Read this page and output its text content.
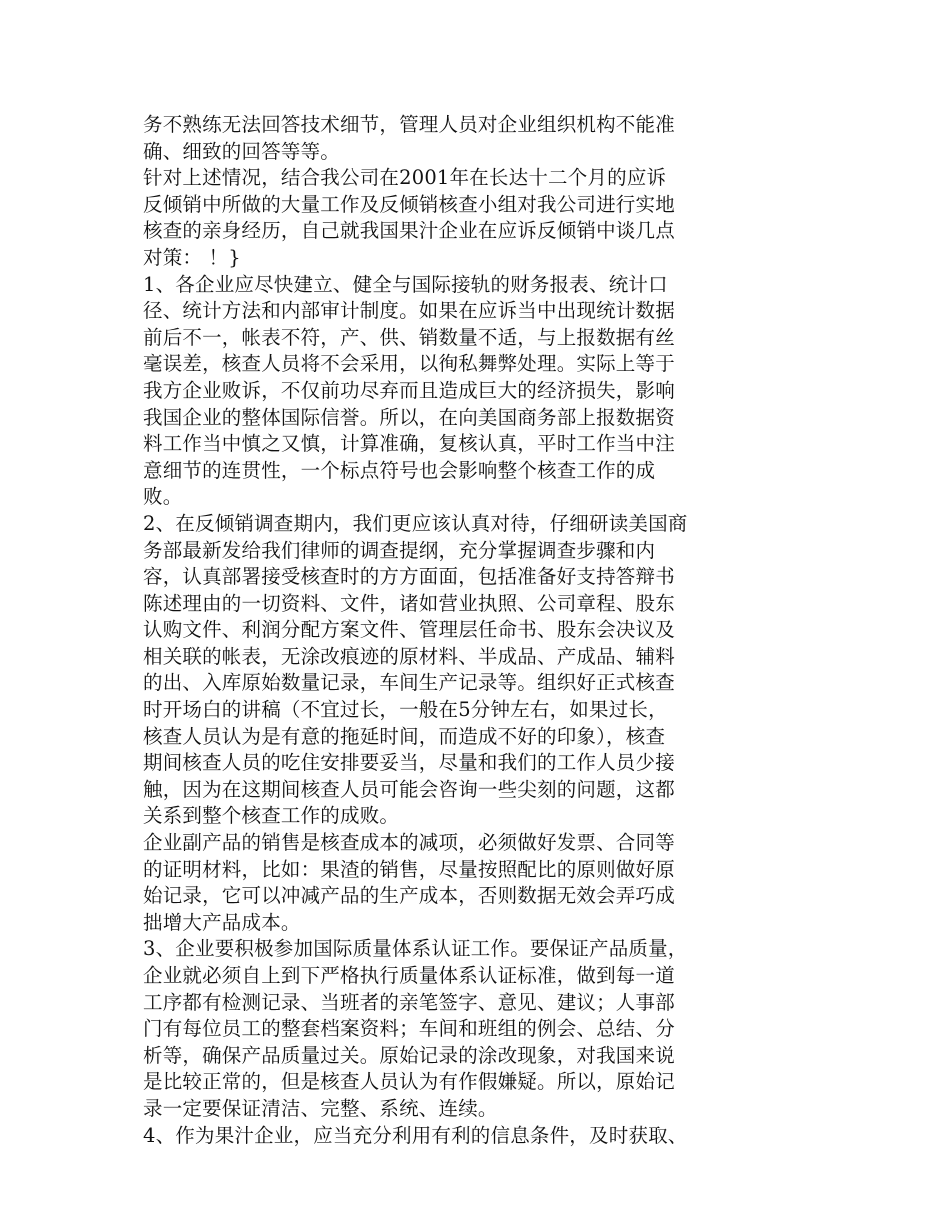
务不熟练无法回答技术细节，管理人员对企业组织机构不能准
确、细致的回答等等。
针对上述情况，结合我公司在2001年在长达十二个月的应诉
反倾销中所做的大量工作及反倾销核查小组对我公司进行实地
核查的亲身经历，自己就我国果汁企业在应诉反倾销中谈几点
对策： ！}
1、各企业应尽快建立、健全与国际接轨的财务报表、统计口
径、统计方法和内部审计制度。如果在应诉当中出现统计数据
前后不一，帐表不符，产、供、销数量不适，与上报数据有丝
毫误差，核查人员将不会采用，以徇私舞弊处理。实际上等于
我方企业败诉，不仅前功尽弃而且造成巨大的经济损失，影响
我国企业的整体国际信誉。所以，在向美国商务部上报数据资
料工作当中慎之又慎，计算准确，复核认真，平时工作当中注
意细节的连贯性，一个标点符号也会影响整个核查工作的成
败。
2、在反倾销调查期内，我们更应该认真对待，仔细研读美国商
务部最新发给我们律师的调查提纲，充分掌握调查步骤和内
容，认真部署接受核查时的方方面面，包括准备好支持答辩书
陈述理由的一切资料、文件，诸如营业执照、公司章程、股东
认购文件、利润分配方案文件、管理层任命书、股东会决议及
相关联的帐表，无涂改痕迹的原材料、半成品、产成品、辅料
的出、入库原始数量记录，车间生产记录等。组织好正式核查
时开场白的讲稿（不宜过长，一般在5分钟左右，如果过长，
核查人员认为是有意的拖延时间，而造成不好的印象），核查
期间核查人员的吃住安排要妥当，尽量和我们的工作人员少接
触，因为在这期间核查人员可能会咨询一些尖刻的问题，这都
关系到整个核查工作的成败。
企业副产品的销售是核查成本的减项，必须做好发票、合同等
的证明材料，比如：果渣的销售，尽量按照配比的原则做好原
始记录，它可以冲减产品的生产成本，否则数据无效会弄巧成
拙增大产品成本。
3、企业要积极参加国际质量体系认证工作。要保证产品质量，
企业就必须自上到下严格执行质量体系认证标准，做到每一道
工序都有检测记录、当班者的亲笔签字、意见、建议；人事部
门有每位员工的整套档案资料；车间和班组的例会、总结、分
析等，确保产品质量过关。原始记录的涂改现象，对我国来说
是比较正常的，但是核查人员认为有作假嫌疑。所以，原始记
录一定要保证清洁、完整、系统、连续。
4、作为果汁企业，应当充分利用有利的信息条件，及时获取、
